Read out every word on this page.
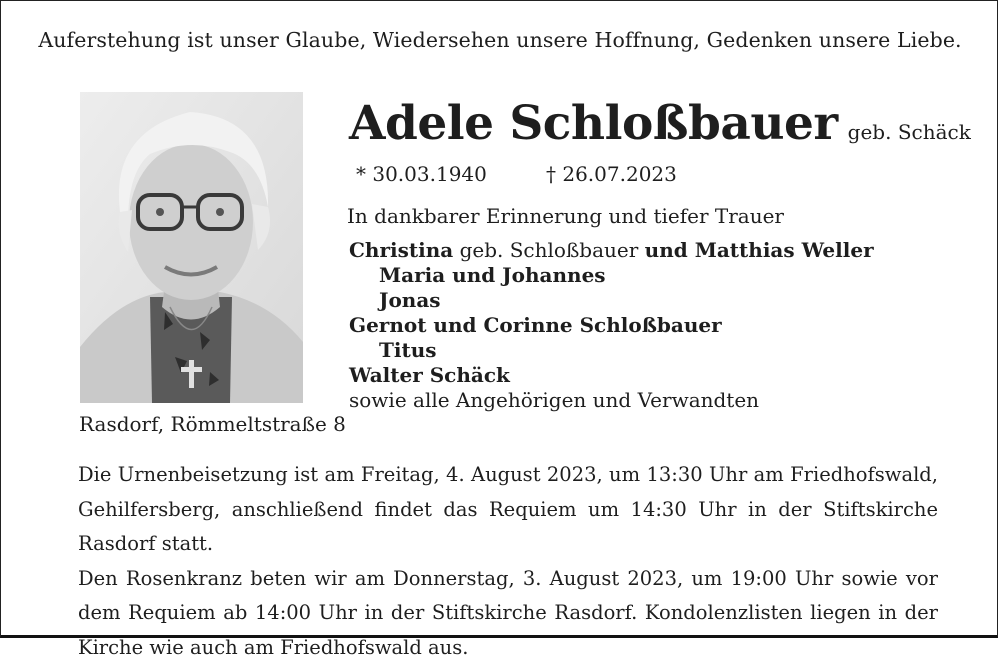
Auferstehung ist unser Glaube, Wiedersehen unsere Hoffnung, Gedenken unsere Liebe.
Rasdorf, Römmeltstraße 8
Adele Schloßbauer geb. Schäck
* 30.03.1940	† 26.07.2023
In dankbarer Erinnerung und tiefer Trauer
Christina geb. Schloßbauer und Matthias Weller
Maria und Johannes
Jonas
Gernot und Corinne Schloßbauer
Titus
Walter Schäck
sowie alle Angehörigen und Verwandten

Die Urnenbeisetzung ist am Freitag, 4. August 2023, um 13:30 Uhr am Friedhofswald, Gehilfersberg, anschließend findet das Requiem um 14:30 Uhr in der Stiftskirche Rasdorf statt.

Den Rosenkranz beten wir am Donnerstag, 3. August 2023, um 19:00 Uhr sowie vor dem Requiem ab 14:00 Uhr in der Stiftskirche Rasdorf. Kondolenzlisten liegen in der Kirche wie auch am Friedhofswald aus.
